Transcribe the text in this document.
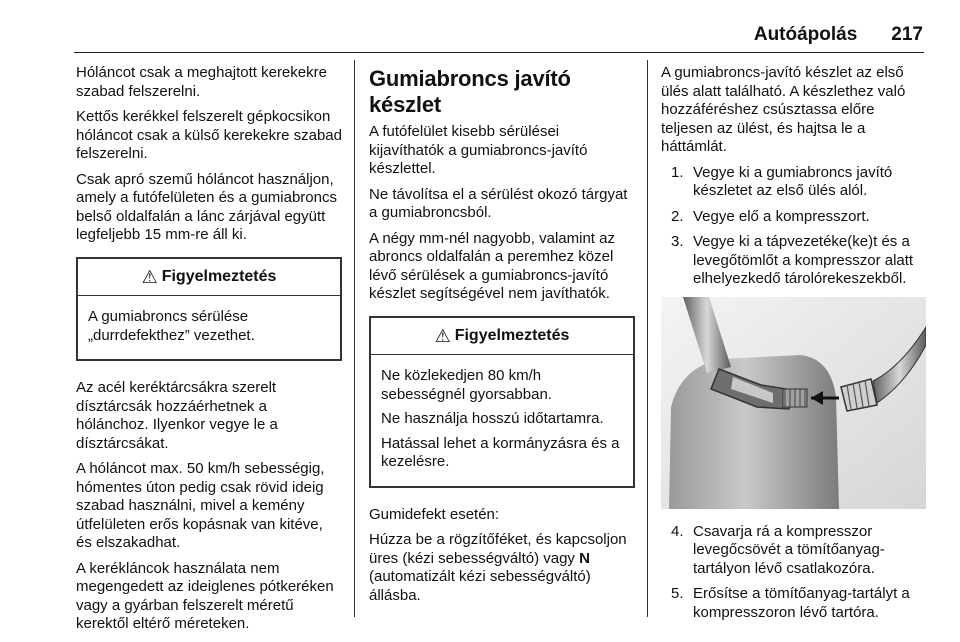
Autóápolás 217

Hóláncot csak a meghajtott kerekekre szabad felszerelni.

Kettős kerékkel felszerelt gépkocsikon hóláncot csak a külső kerekekre szabad felszerelni.

Csak apró szemű hóláncot használjon, amely a futófelületen és a gumiabroncs belső oldalfalán a lánc zárjával együtt legfeljebb 15 mm-re áll ki.

⚠ Figyelmeztetés

A gumiabroncs sérülése „durrdefekthez” vezethet.

Az acél keréktárcsákra szerelt dísztárcsák hozzáérhetnek a hólánchoz. Ilyenkor vegye le a dísztárcsákat.

A hóláncot max. 50 km/h sebességig, hómentes úton pedig csak rövid ideig szabad használni, mivel a kemény útfelületen erős kopásnak van kitéve, és elszakadhat.

A kerékláncok használata nem megengedett az ideiglenes pótkeréken vagy a gyárban felszerelt méretű kerektől eltérő méreteken.

Gumiabroncs javító készlet

A futófelület kisebb sérülései kijavíthatók a gumiabroncs-javító készlettel.

Ne távolítsa el a sérülést okozó tárgyat a gumiabroncsból.

A négy mm-nél nagyobb, valamint az abroncs oldalfalán a peremhez közel lévő sérülések a gumiabroncs-javító készlet segítségével nem javíthatók.

⚠ Figyelmeztetés

Ne közlekedjen 80 km/h sebességnél gyorsabban.

Ne használja hosszú időtartamra.

Hatással lehet a kormányzásra és a kezelésre.

Gumidefekt esetén:

Húzza be a rögzítőféket, és kapcsoljon üres (kézi sebességváltó) vagy N (automatizált kézi sebességváltó) állásba.

A gumiabroncs-javító készlet az első ülés alatt található. A készlethez való hozzáféréshez csúsztassa előre teljesen az ülést, és hajtsa le a háttámlát.

1. Vegye ki a gumiabroncs javító készletet az első ülés alól.
2. Vegye elő a kompresszort.
3. Vegye ki a tápvezetéke(ke)t és a levegőtömlőt a kompresszor alatt elhelyezkedő tárolórekeszekből.
4. Csavarja rá a kompresszor levegőcsövét a tömítőanyag-tartályon lévő csatlakozóra.
5. Erősítse a tömítőanyag-tartályt a kompresszoron lévő tartóra.
